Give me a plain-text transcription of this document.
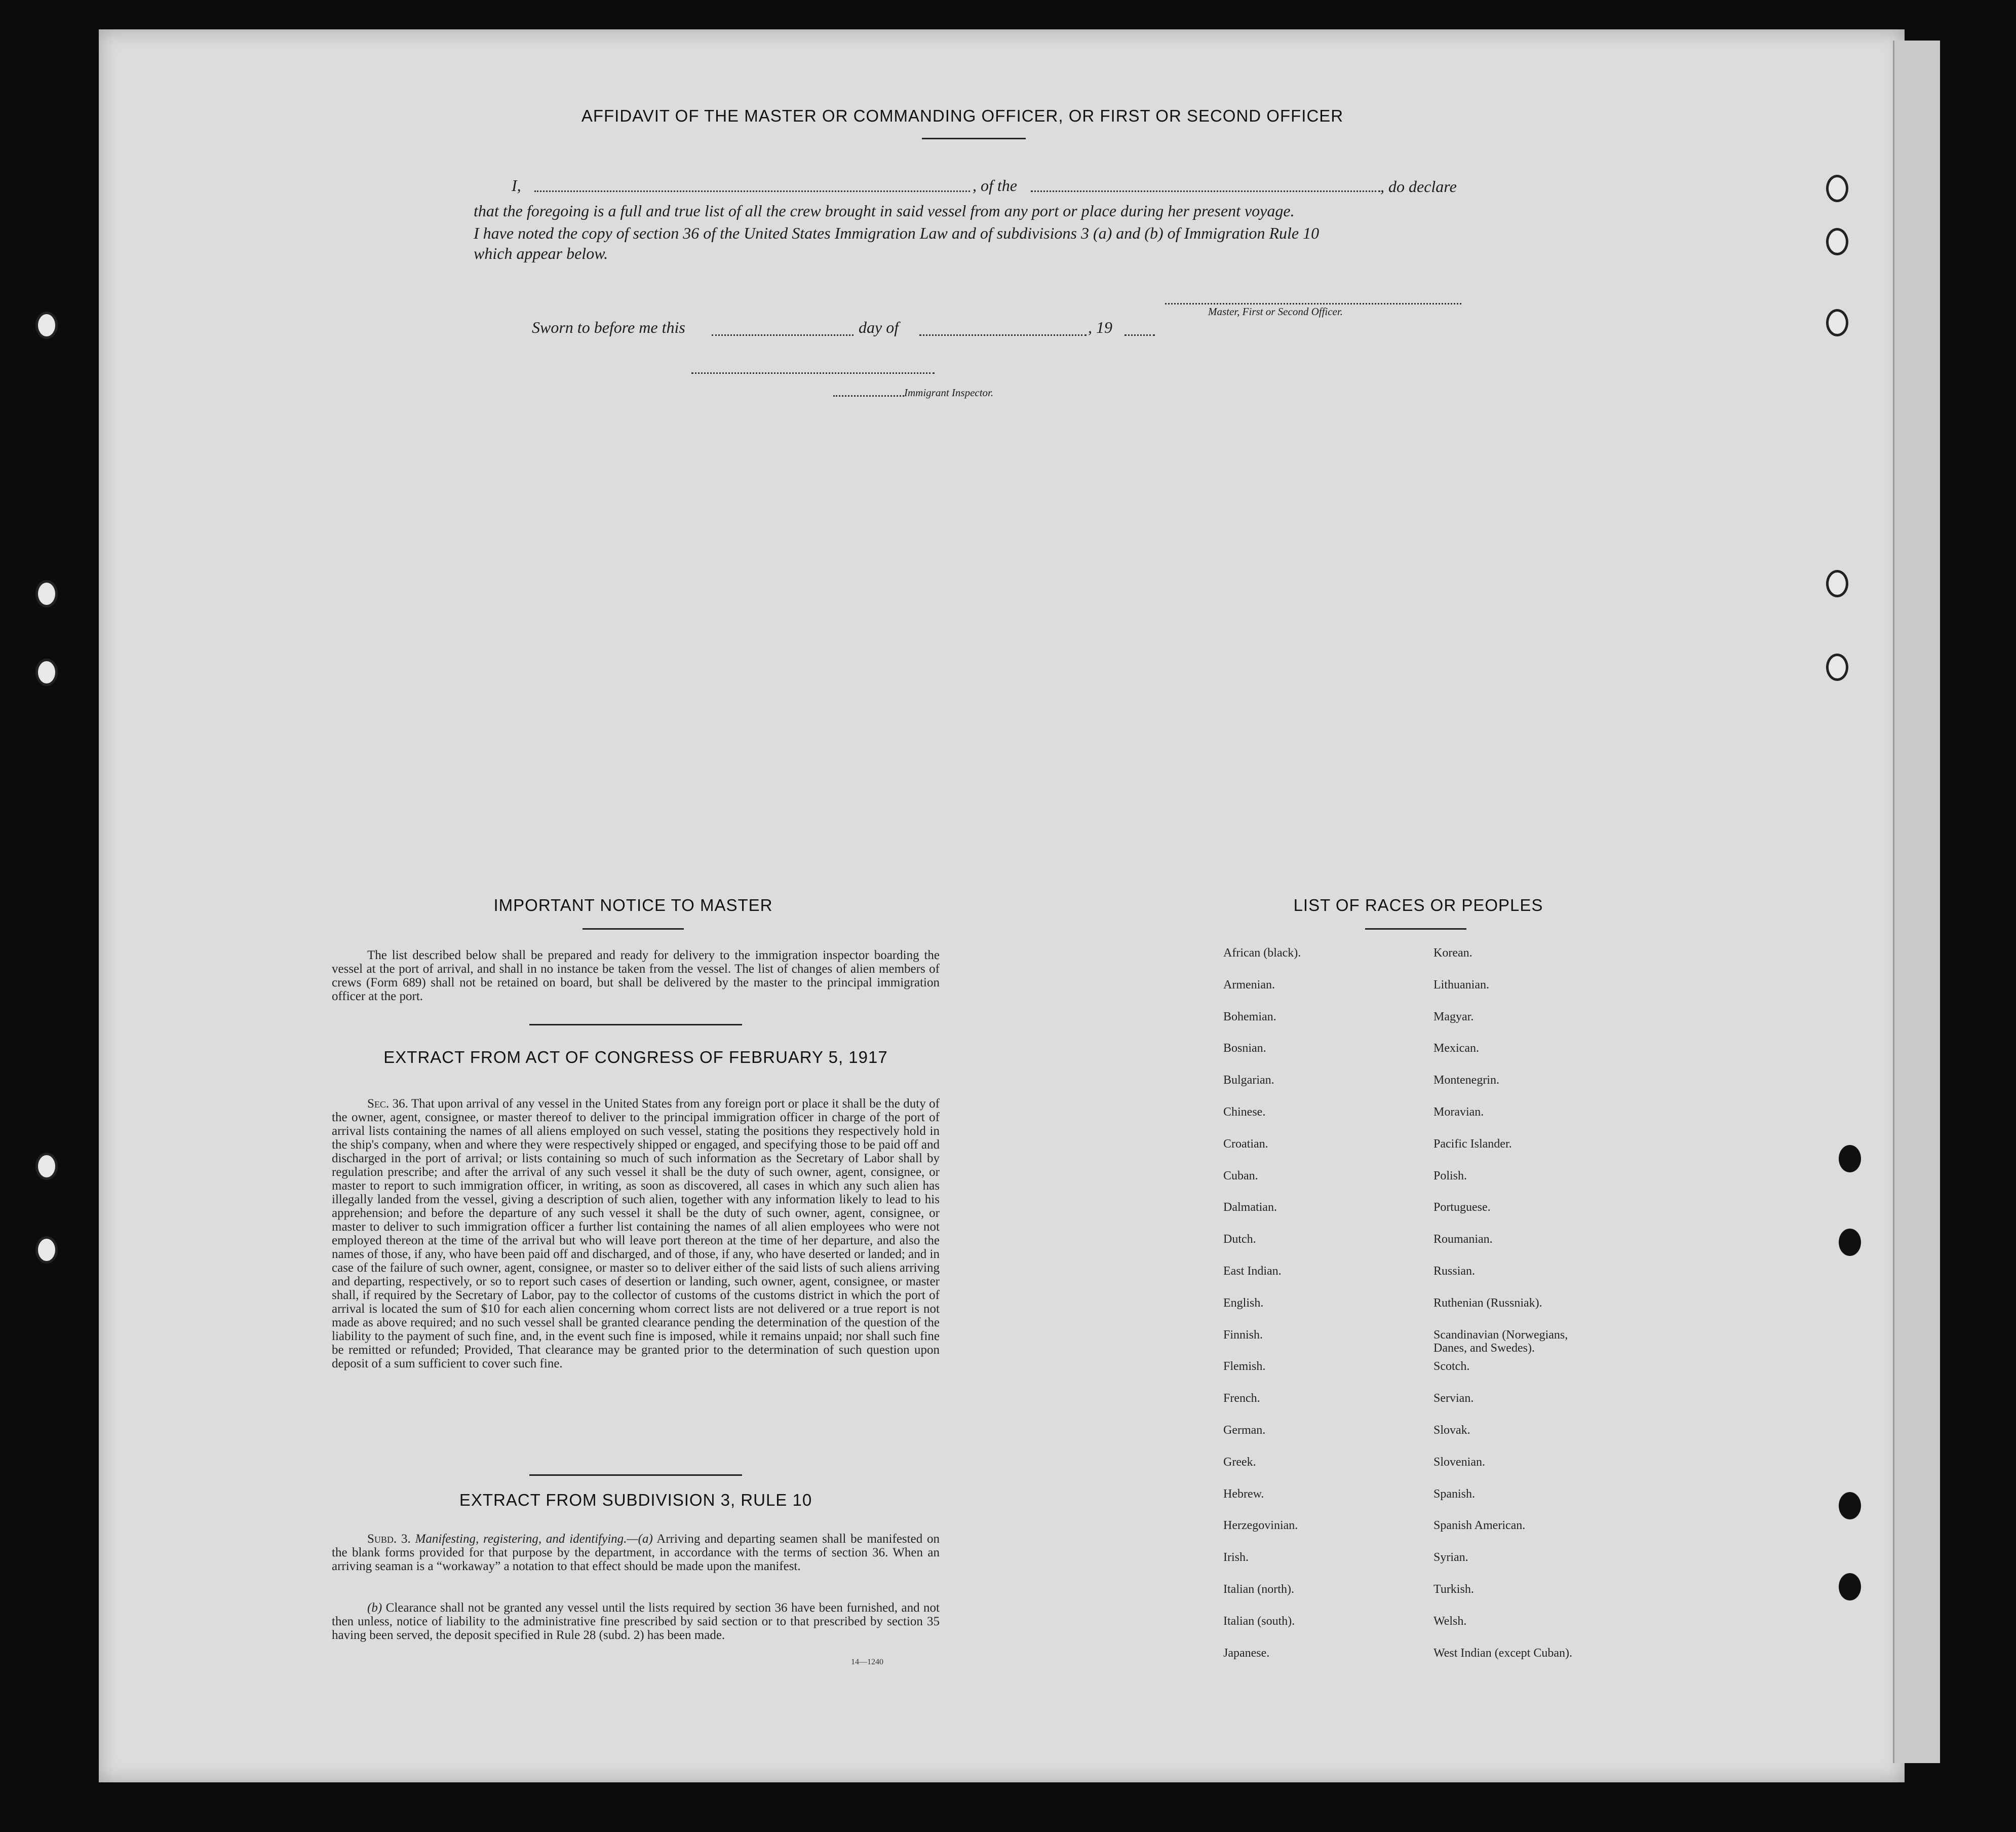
AFFIDAVIT OF THE MASTER OR COMMANDING OFFICER, OR FIRST OR SECOND OFFICER
I,	, of the	, do declare
that the foregoing is a full and true list of all the crew brought in said vessel from any port or place during her present voyage.
I have noted the copy of section 36 of the United States Immigration Law and of subdivisions 3 (a) and (b) of Immigration Rule 10
which appear below.
Master, First or Second Officer.
Sworn to before me this	day of	, 19
Immigrant Inspector.
IMPORTANT NOTICE TO MASTER
The list described below shall be prepared and ready for delivery to the immigration inspector boarding the vessel at the port of arrival, and shall in no instance be taken from the vessel. The list of changes of alien members of crews (Form 689) shall not be retained on board, but shall be delivered by the master to the principal immigration officer at the port.
EXTRACT FROM ACT OF CONGRESS OF FEBRUARY 5, 1917
Sec. 36. That upon arrival of any vessel in the United States from any foreign port or place it shall be the duty of the owner, agent, consignee, or master thereof to deliver to the principal immigration officer in charge of the port of arrival lists containing the names of all aliens employed on such vessel, stating the positions they respectively hold in the ship's company, when and where they were respectively shipped or engaged, and specifying those to be paid off and discharged in the port of arrival; or lists containing so much of such information as the Secretary of Labor shall by regulation prescribe; and after the arrival of any such vessel it shall be the duty of such owner, agent, consignee, or master to report to such immigration officer, in writing, as soon as discovered, all cases in which any such alien has illegally landed from the vessel, giving a description of such alien, together with any information likely to lead to his apprehension; and before the departure of any such vessel it shall be the duty of such owner, agent, consignee, or master to deliver to such immigration officer a further list containing the names of all alien employees who were not employed thereon at the time of the arrival but who will leave port thereon at the time of her departure, and also the names of those, if any, who have been paid off and discharged, and of those, if any, who have deserted or landed; and in case of the failure of such owner, agent, consignee, or master so to deliver either of the said lists of such aliens arriving and departing, respectively, or so to report such cases of desertion or landing, such owner, agent, consignee, or master shall, if required by the Secretary of Labor, pay to the collector of customs of the customs district in which the port of arrival is located the sum of $10 for each alien concerning whom correct lists are not delivered or a true report is not made as above required; and no such vessel shall be granted clearance pending the determination of the question of the liability to the payment of such fine, and, in the event such fine is imposed, while it remains unpaid; nor shall such fine be remitted or refunded; Provided, That clearance may be granted prior to the determination of such question upon deposit of a sum sufficient to cover such fine.
EXTRACT FROM SUBDIVISION 3, RULE 10
Subd. 3. Manifesting, registering, and identifying.—(a) Arriving and departing seamen shall be manifested on the blank forms provided for that purpose by the department, in accordance with the terms of section 36. When an arriving seaman is a “workaway” a notation to that effect should be made upon the manifest.
(b) Clearance shall not be granted any vessel until the lists required by section 36 have been furnished, and not then unless, notice of liability to the administrative fine prescribed by said section or to that prescribed by section 35 having been served, the deposit specified in Rule 28 (subd. 2) has been made.
14—1240
LIST OF RACES OR PEOPLES
African (black).
Armenian.
Bohemian.
Bosnian.
Bulgarian.
Chinese.
Croatian.
Cuban.
Dalmatian.
Dutch.
East Indian.
English.
Finnish.
Flemish.
French.
German.
Greek.
Hebrew.
Herzegovinian.
Irish.
Italian (north).
Italian (south).
Japanese.
Korean.
Lithuanian.
Magyar.
Mexican.
Montenegrin.
Moravian.
Pacific Islander.
Polish.
Portuguese.
Roumanian.
Russian.
Ruthenian (Russniak).
Scandinavian (Norwegians,
Danes, and Swedes).
Scotch.
Servian.
Slovak.
Slovenian.
Spanish.
Spanish American.
Syrian.
Turkish.
Welsh.
West Indian (except Cuban).
